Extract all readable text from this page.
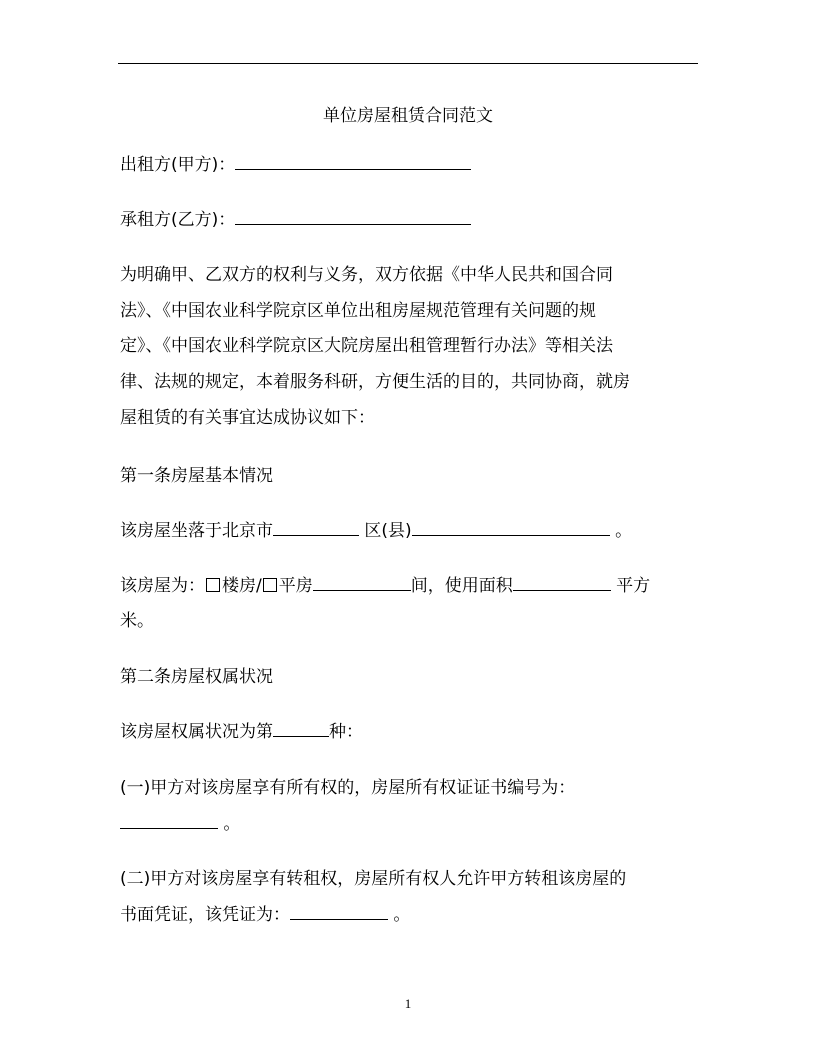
单位房屋租赁合同范文
出租方(甲方)：
承租方(乙方)：
为明确甲、乙双方的权利与义务，双方依据《中华人民共和国合同
法》、《中国农业科学院京区单位出租房屋规范管理有关问题的规
定》、《中国农业科学院京区大院房屋出租管理暂行办法》等相关法
律、法规的规定，本着服务科研，方便生活的目的，共同协商，就房
屋租赁的有关事宜达成协议如下：
第一条房屋基本情况
该房屋坐落于北京市	区(县)	。
该房屋为： 楼房/ 平房	间，使用面积	平方
米。
第二条房屋权属状况
该房屋权属状况为第	种：
(一)甲方对该房屋享有所有权的，房屋所有权证证书编号为：
。
(二)甲方对该房屋享有转租权，房屋所有权人允许甲方转租该房屋的
书面凭证，该凭证为：	。
1
